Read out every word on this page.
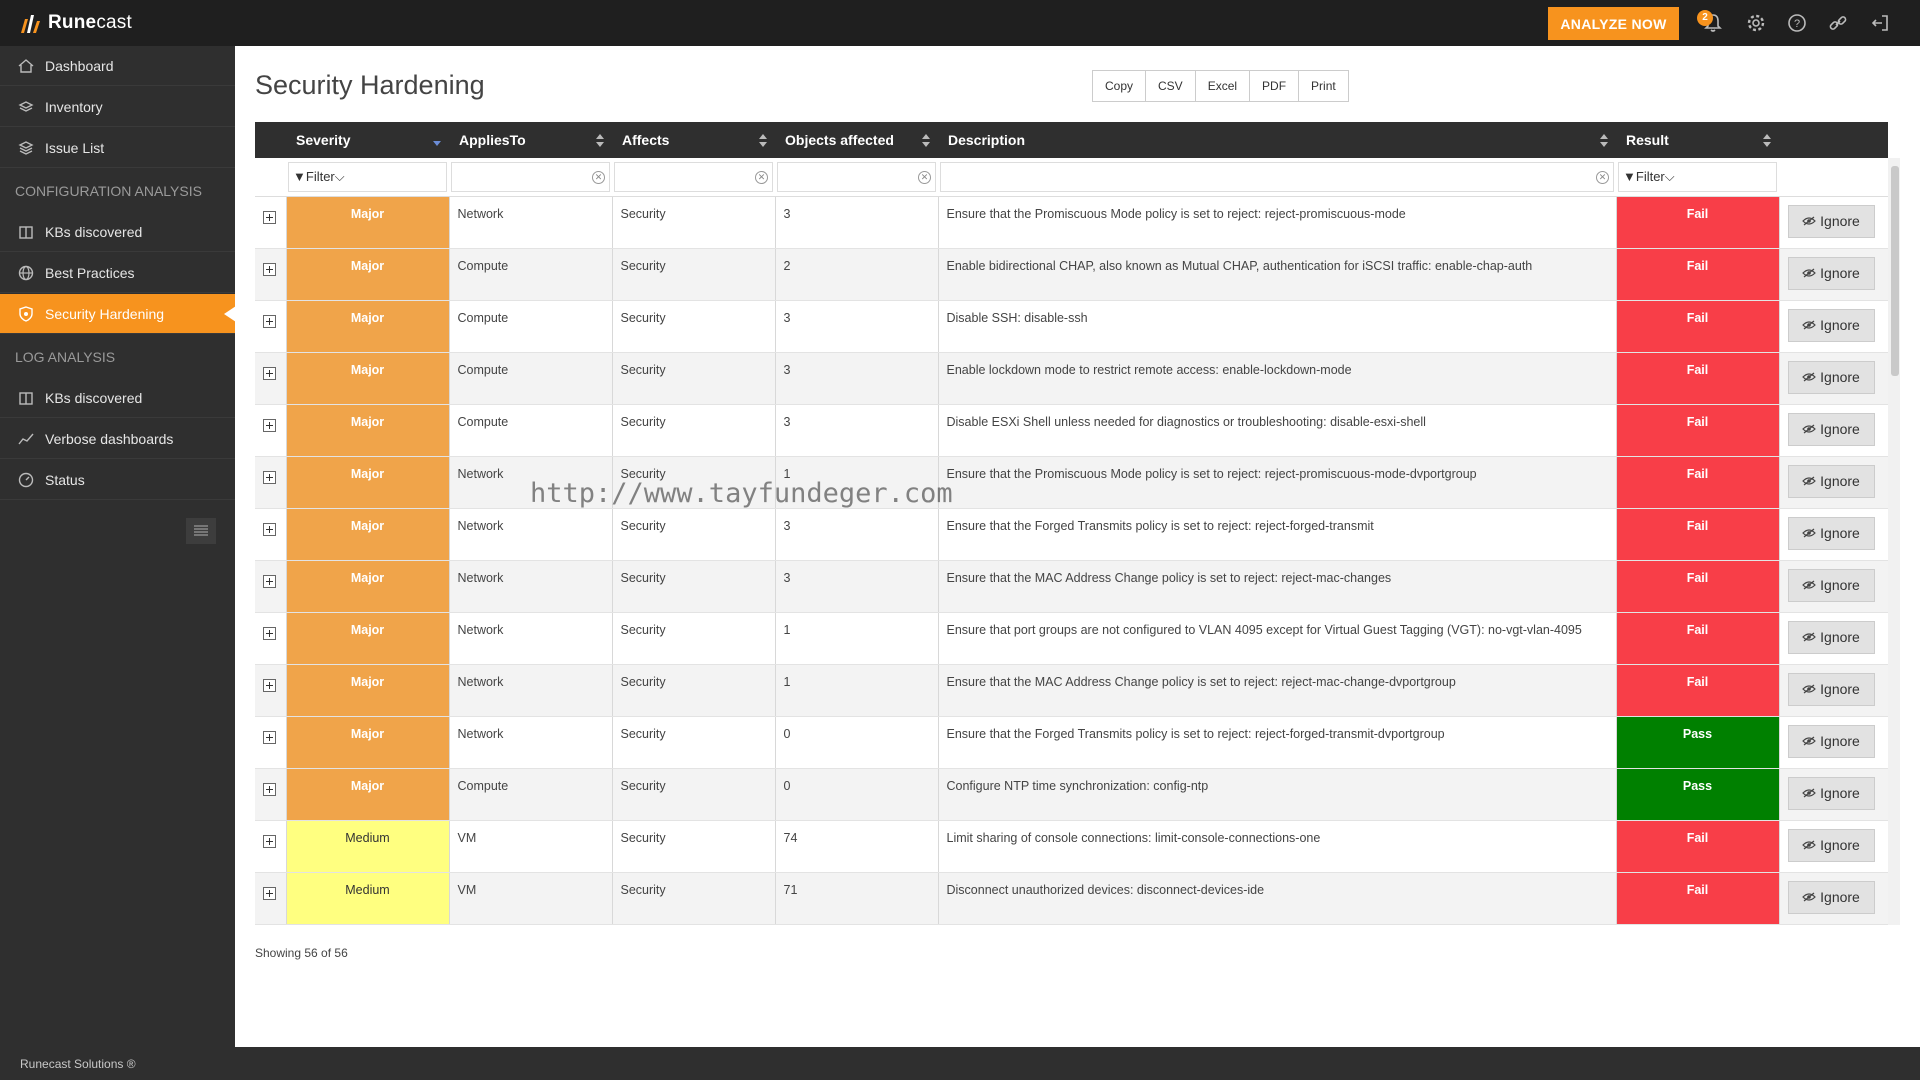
Runecast	ANALYZE NOW	2
?
Dashboard
Inventory
Issue List
CONFIGURATION ANALYSIS
KBs discovered
Best Practices
Security Hardening
LOG ANALYSIS
KBs discovered
Verbose dashboards
Status
Runecast Solutions ®
Security Hardening	Copy	CSV	Excel	PDF	Print
	Severity	AppliesTo	Affects	Objects affected	Description	Result

	▼Filter⌵	✕	✕	✕	✕	▼Filter⌵	

	Major	Network	Security	3	Ensure that the Promiscuous Mode policy is set to reject: reject-promiscuous-mode	Fail	Ignore

	Major	Compute	Security	2	Enable bidirectional CHAP, also known as Mutual CHAP, authentication for iSCSI traffic: enable-chap-auth	Fail	Ignore

	Major	Compute	Security	3	Disable SSH: disable-ssh	Fail	Ignore

	Major	Compute	Security	3	Enable lockdown mode to restrict remote access: enable-lockdown-mode	Fail	Ignore

	Major	Compute	Security	3	Disable ESXi Shell unless needed for diagnostics or troubleshooting: disable-esxi-shell	Fail	Ignore

	Major	Network	Security	1	Ensure that the Promiscuous Mode policy is set to reject: reject-promiscuous-mode-dvportgroup	Fail	Ignore

	Major	Network	Security	3	Ensure that the Forged Transmits policy is set to reject: reject-forged-transmit	Fail	Ignore

	Major	Network	Security	3	Ensure that the MAC Address Change policy is set to reject: reject-mac-changes	Fail	Ignore

	Major	Network	Security	1	Ensure that port groups are not configured to VLAN 4095 except for Virtual Guest Tagging (VGT): no-vgt-vlan-4095	Fail	Ignore

	Major	Network	Security	1	Ensure that the MAC Address Change policy is set to reject: reject-mac-change-dvportgroup	Fail	Ignore

	Major	Network	Security	0	Ensure that the Forged Transmits policy is set to reject: reject-forged-transmit-dvportgroup	Pass	Ignore

	Major	Compute	Security	0	Configure NTP time synchronization: config-ntp	Pass	Ignore

	Medium	VM	Security	74	Limit sharing of console connections: limit-console-connections-one	Fail	Ignore

	Medium	VM	Security	71	Disconnect unauthorized devices: disconnect-devices-ide	Fail	Ignore
Showing 56 of 56
http://www.tayfundeger.com
